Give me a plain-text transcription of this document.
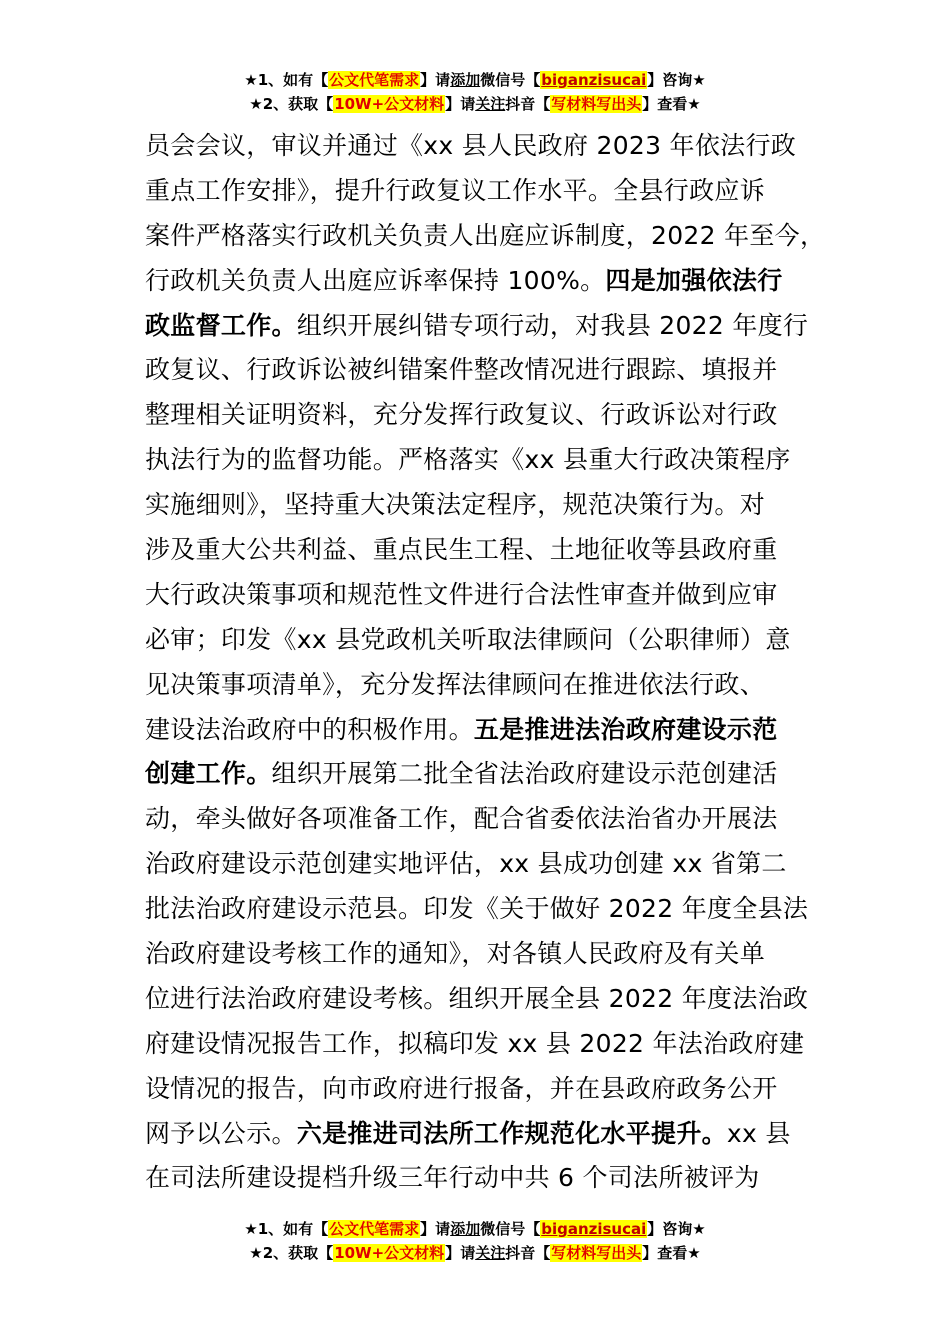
★1、如有【公文代笔需求】请添加微信号【biganzisucai】咨询★
★2、获取【10W+公文材料】请关注抖音【写材料写出头】查看★
员会会议，审议并通过《xx 县人民政府 2023 年依法行政
重点工作安排》，提升行政复议工作水平。全县行政应诉
案件严格落实行政机关负责人出庭应诉制度，2022 年至今，
行政机关负责人出庭应诉率保持 100%。四是加强依法行
政监督工作。组织开展纠错专项行动，对我县 2022 年度行
政复议、行政诉讼被纠错案件整改情况进行跟踪、填报并
整理相关证明资料，充分发挥行政复议、行政诉讼对行政
执法行为的监督功能。严格落实《xx 县重大行政决策程序
实施细则》，坚持重大决策法定程序，规范决策行为。对
涉及重大公共利益、重点民生工程、土地征收等县政府重
大行政决策事项和规范性文件进行合法性审查并做到应审
必审；印发《xx 县党政机关听取法律顾问（公职律师）意
见决策事项清单》，充分发挥法律顾问在推进依法行政、
建设法治政府中的积极作用。五是推进法治政府建设示范
创建工作。组织开展第二批全省法治政府建设示范创建活
动，牵头做好各项准备工作，配合省委依法治省办开展法
治政府建设示范创建实地评估，xx 县成功创建 xx 省第二
批法治政府建设示范县。印发《关于做好 2022 年度全县法
治政府建设考核工作的通知》，对各镇人民政府及有关单
位进行法治政府建设考核。组织开展全县 2022 年度法治政
府建设情况报告工作，拟稿印发 xx 县 2022 年法治政府建
设情况的报告，向市政府进行报备，并在县政府政务公开
网予以公示。六是推进司法所工作规范化水平提升。xx 县
在司法所建设提档升级三年行动中共 6 个司法所被评为
★1、如有【公文代笔需求】请添加微信号【biganzisucai】咨询★
★2、获取【10W+公文材料】请关注抖音【写材料写出头】查看★
